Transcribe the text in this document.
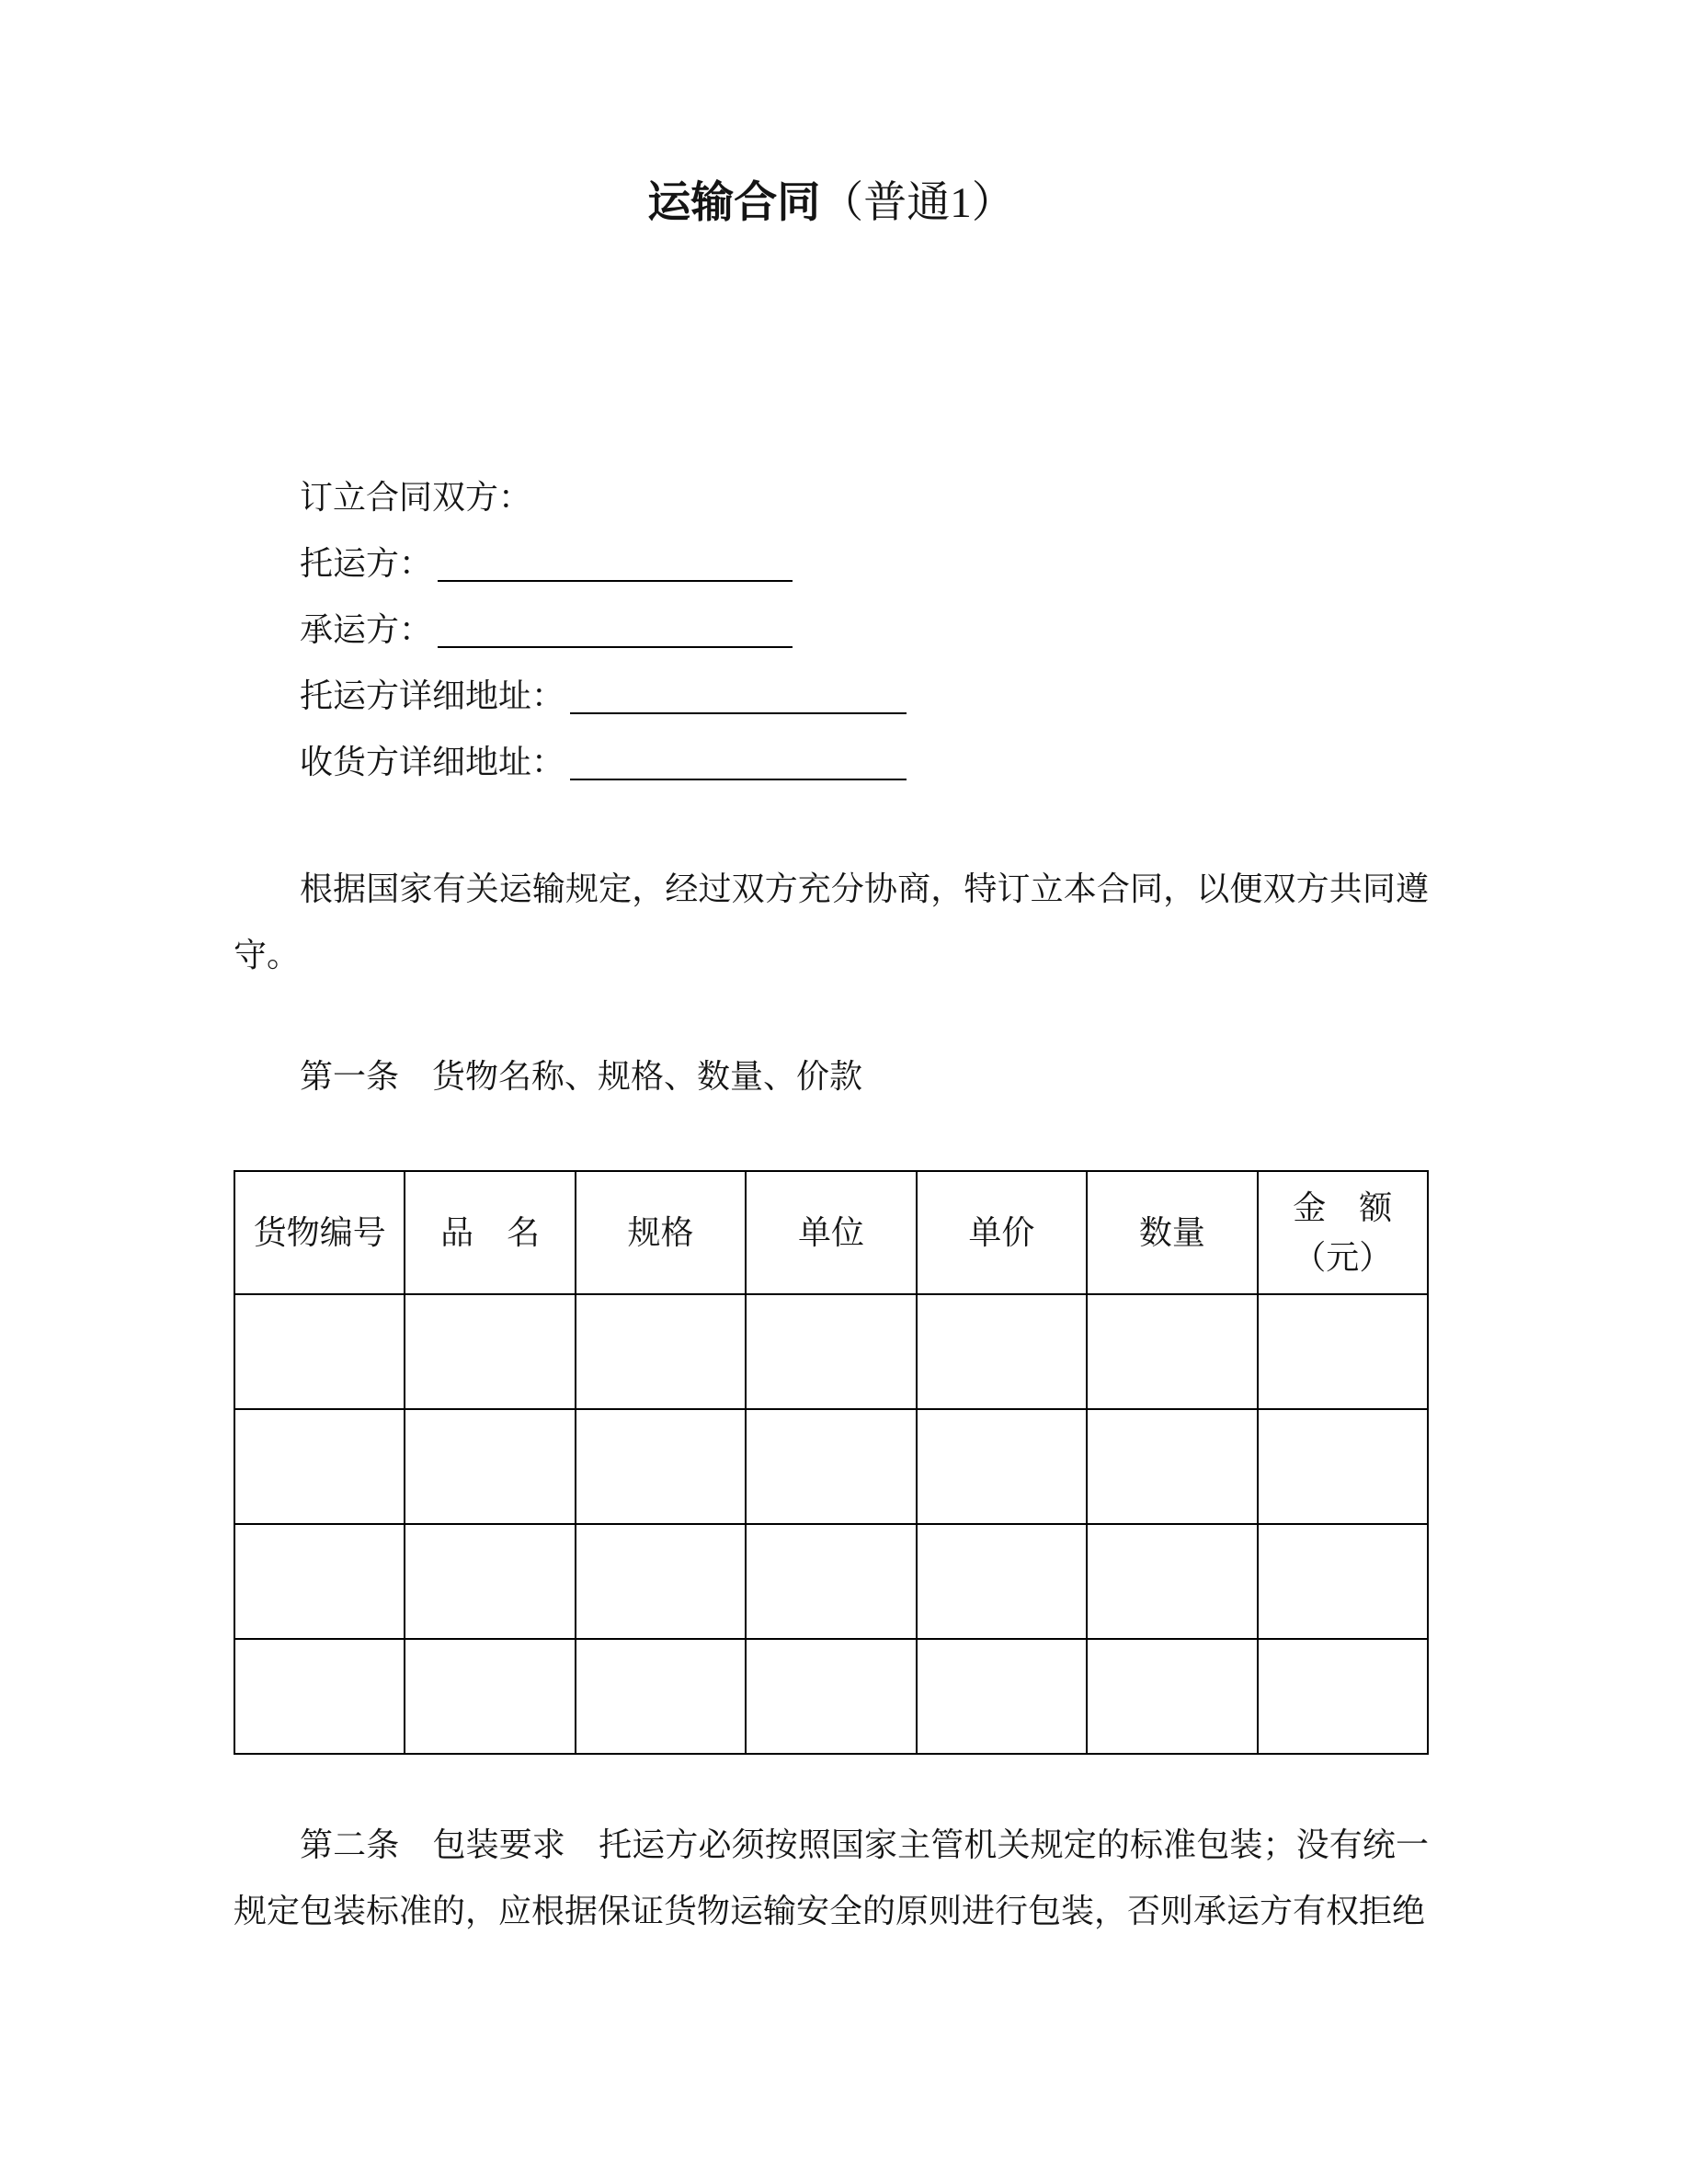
运输合同（普通1）

订立合同双方：

托运方：

承运方：

托运方详细地址：

收货方详细地址：

根据国家有关运输规定，经过双方充分协商，特订立本合同，以便双方共同遵守。

第一条　货物名称、规格、数量、价款

货物编号	品　名	规格	单位	单价	数量	金　额
（元）

第二条　包装要求　托运方必须按照国家主管机关规定的标准包装；没有统一规定包装标准的，应根据保证货物运输安全的原则进行包装，否则承运方有权拒绝
